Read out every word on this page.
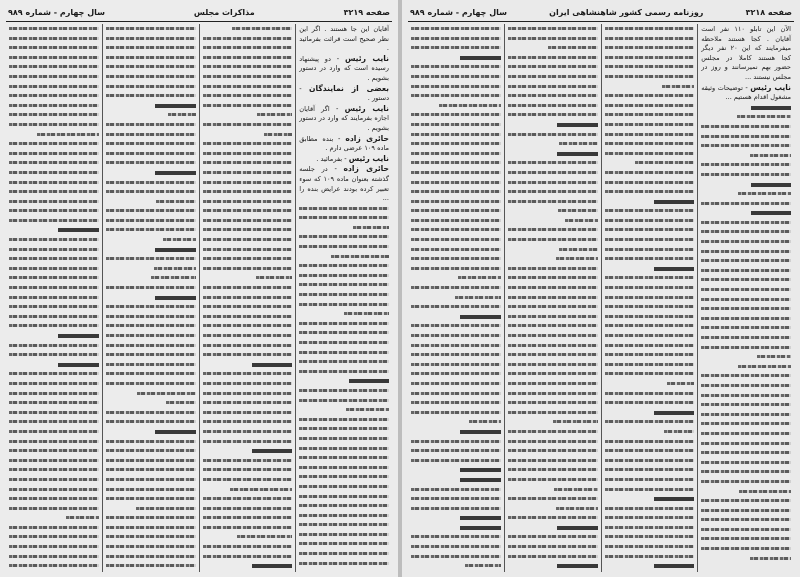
صفحه ۳۲۱۹
مذاکرات مجلس
سال چهارم - شماره ۹۸۹

آقایان این جا هستند . اگر این نظر صحیح است قرائت بفرمائید .

نایب رئیس - دو پیشنهاد رسیده است که وارد در دستور بشویم .

بعضی از نمایندگان - دستور .

نایب رئیس - اگر آقایان اجازه بفرمایند که وارد در دستور بشویم .

حائری زاده - بنده مطابق ماده ۱۰۹ عرضی دارم .

نایب رئیس - بفرمائید .

حائری زاده - در جلسه گذشته بعنوان ماده ۱۰۹ که سوء تعبیر کرده بودند عرایض بنده را ...

صفحه ۳۲۱۸
روزنامه رسمی کشور شاهنشاهی ایران
سال چهارم - شماره ۹۸۹

الآن این تابلو ۱۱۰ نفر است آقایان . کجا هستند ملاحظه میفرمایند که این ۲۰ نفر دیگر کجا هستند کاملا در مجلس حضور بهم نمیرسانند و روز در مجلس نیستند ...

نایب رئیس - توضیحات وثیقه مشغول اقدام هستیم ...
